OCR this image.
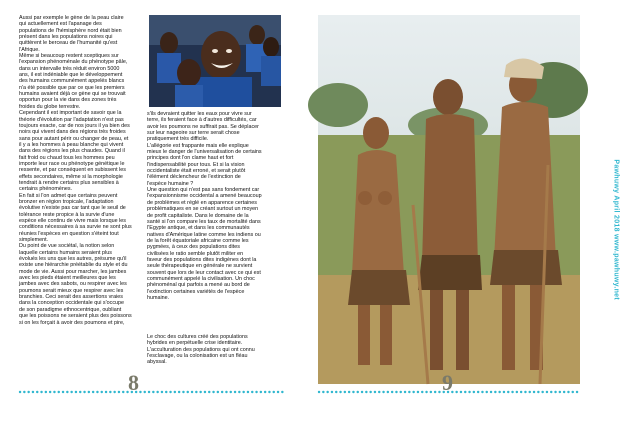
Aussi par exemple le gène de la peau claire
qui actuellement est l'apanage des
populations de l'hémisphère nord était bien
présent dans les populations noires qui
quittèrent le berceau de l'humanité qu'est
l'Afrique.
Même si beaucoup restent sceptiques sur
l'expansion phénoménale du phénotype pâle,
dans un intervalle très réduit environ 5000
ans, il est indéniable que le développement
des humains communément appelés blancs
n'a été possible que par ce que les premiers
humains avaient déjà ce gène qui se trouvait
opportun pour la vie dans des zones très
froides du globe terrestre.
Cependant il est important de savoir que la
théorie d'évolution par l'adaptation n'est pas
toujours exacte, car de nos jours il ya bien des
noirs qui vivent dans des régions très froides
sans pour autant périr ou changer de peau, et
il y a les hommes à peau blanche qui vivent
dans des régions les plus chaudes. Quand il
fait froid ou chaud tous les hommes peu
importe leur race ou phénotype génétique le
ressente, et par conséquent en subissent les
effets secondaires, même si la morphologie
tendrait à rendre certains plus sensibles à
certains phénomènes.
En fait si l'on admet que certains peuvent
bronzer en région tropicale, l'adaptation
évolutive n'existe pas car tant que le seuil de
tolérance reste propice à la survie d'une
espèce elle continu de vivre mais lorsque les
conditions nécessaires à sa survie ne sont plus
réunies l'espèces en question s'éteint tout
simplement.
Du point de vue sociétal, la notion selon
laquelle certains humains seraient plus
évolués les uns que les autres, présume qu'il
existe une hiérarchie préétablie du style et du
mode de vie. Aussi pour marcher, les jambes
avec les pieds étaient meilleures que les
jambes avec des sabots, ou respirer avec les
poumons serait mieux que respirer avec les
branchies. Ceci serait des assertions vraies
dans la conception occidentale qui s'occupe
de son paradigme ethnocentrique, oubliant
que les poissons ne seraient plus des poissons
si on les forçait à avoir des poumons et pire,

s'ils devraient quitter les eaux pour vivre sur
terre, ils feraient face à d'autres difficultés, car
avoir les poumons ne suffirait pas. Se déplacer
sur leur nageoire sur terre serait chose
pratiquement très difficile.
L'allégorie est frappante mais elle explique
mieux le danger de l'universalisation de certains
principes dont l'on clame haut et fort
l'indispensabilité pour tous. Et si la vision
occidentaliste était erroné, et serait plutôt
l'élément déclencheur de l'extinction de
l'espèce humaine ?
Une question qui n'est pas sans fondement car
l'expansionnisme occidental a amené beaucoup
de problèmes et réglé en apparence certaines
problématiques en se créant surtout un moyen
de profit capitaliste. Dans le domaine de la
santé si l'on compare les taux de mortalité dans
l'Egypte antique, et dans les communautés
natives d'Amérique latine comme les indiens ou
de la forêt équatoriale africaine comme les
pygmées, à ceux des populations dites
civilisées le ratio semble plutôt militer en
faveur des populations dites indigènes dont la
seule thérapeutique en générale ne survient
souvent que lors de leur contact avec ce qui est
communément appelé la civilisation. Un choc
phénoménal qui parfois a mené au bord de
l'extinction certaines variétés de l'espèce
humaine.

Le choc des cultures créé des populations
hybrides en perpétuelle crise identitaire.
L'acculturation des populations qui ont connu
l'esclavage, ou la colonisation est un fléau
abyssal.

8	9
Pawhuwy April 2018 www.pawhuwy.net
